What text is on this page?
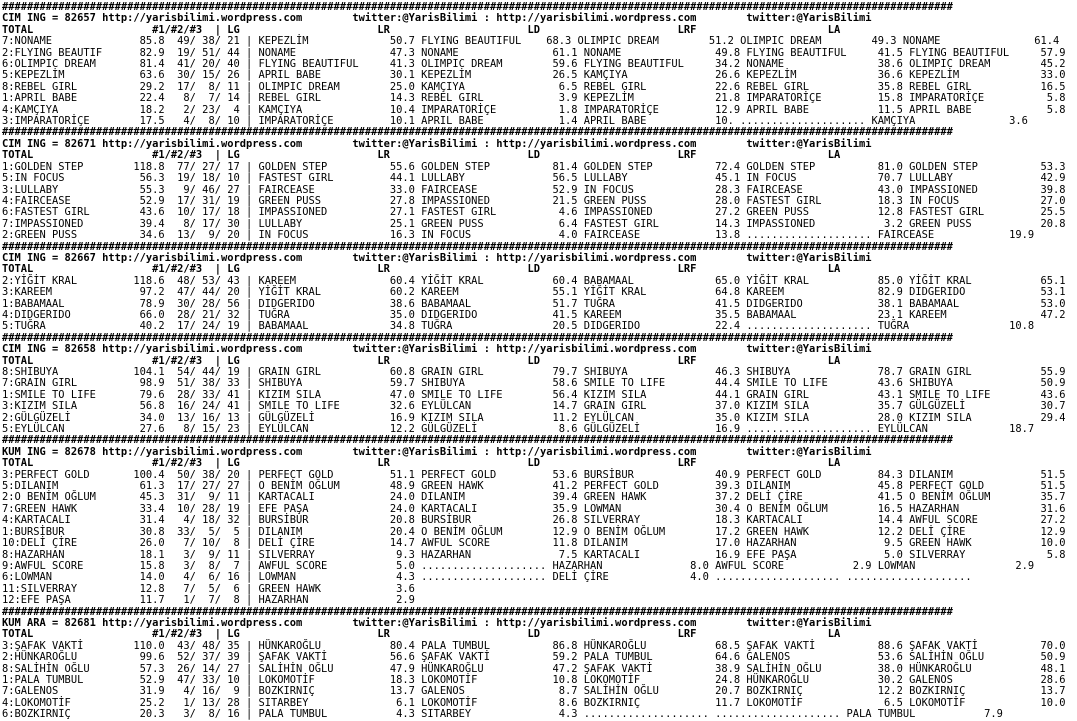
########################################################################################################################################################
CIM ING = 82657 http://yarisbilimi.wordpress.com        twitter:@YarisBilimi : http://yarisbilimi.wordpress.com        twitter:@YarisBilimi
TOTAL                   #1/#2/#3  | LG                      LR                      LD                      LRF                     LA
7:NONAME              85.8  49/ 38/ 21 | KEPEZLİM             50.7 FLYING BEAUTIFUL    68.3 OLIMPIC DREAM        51.2 OLIMPIC DREAM        49.3 NONAME               61.4
2:FLYING BEAUTIF      82.9  19/ 51/ 44 | NONAME               47.3 NONAME               61.1 NONAME               49.8 FLYING BEAUTIFUL     41.5 FLYING BEAUTIFUL     57.9
6:OLIMPIC DREAM       81.4  41/ 20/ 40 | FLYING BEAUTIFUL     41.3 OLIMPIC DREAM        59.6 FLYING BEAUTIFUL     34.2 NONAME               38.6 OLIMPIC DREAM        45.2
5:KEPEZLİM            63.6  30/ 15/ 26 | APRIL BABE           30.1 KEPEZLİM             26.5 KAMÇIYA              26.6 KEPEZLİM             36.6 KEPEZLİM             33.0
8:REBEL GIRL          29.2  17/  8/ 11 | OLIMPIC DREAM        25.0 KAMÇIYA               6.5 REBEL GIRL           22.6 REBEL GIRL           35.8 REBEL GIRL           16.5
1:APRIL BABE          22.4   8/  7/ 14 | REBEL GIRL           14.3 REBEL GIRL            3.9 KEPEZLİM             21.8 IMPARATORİÇE         15.8 IMPARATORİÇE          5.8
4:KAMÇIYA             18.2   2/ 23/  4 | KAMÇIYA              10.4 IMPARATORİÇE          1.8 IMPARATORİÇE         12.9 APRIL BABE           11.5 APRIL BABE            5.8
3:IMPARATORİÇE        17.5   4/  8/ 10 | IMPARATORİÇE         10.1 APRIL BABE            1.4 APRIL BABE           10. .................... KAMÇIYA               3.6
########################################################################################################################################################
CIM ING = 82671 http://yarisbilimi.wordpress.com        twitter:@YarisBilimi : http://yarisbilimi.wordpress.com        twitter:@YarisBilimi
TOTAL                   #1/#2/#3  | LG                      LR                      LD                      LRF                     LA
1:GOLDEN STEP        118.8  77/ 27/ 17 | GOLDEN STEP          55.6 GOLDEN STEP          81.4 GOLDEN STEP          72.4 GOLDEN STEP          81.0 GOLDEN STEP          53.3
5:IN FOCUS            56.3  19/ 18/ 10 | FASTEST GIRL         44.1 LULLABY              56.5 LULLABY              45.1 IN FOCUS             70.7 LULLABY              42.9
3:LULLABY             55.3   9/ 46/ 27 | FAIRCEASE            33.0 FAIRCEASE            52.9 IN FOCUS             28.3 FAIRCEASE            43.0 IMPASSIONED          39.8
4:FAIRCEASE           52.9  17/ 31/ 19 | GREEN PUSS           27.8 IMPASSIONED          21.5 GREEN PUSS           28.0 FASTEST GIRL         18.3 IN FOCUS             27.0
6:FASTEST GIRL        43.6  10/ 17/ 18 | IMPASSIONED          27.1 FASTEST GIRL          4.6 IMPASSIONED          27.2 GREEN PUSS           12.8 FASTEST GIRL         25.5
7:IMPASSIONED         39.4   8/ 17/ 30 | LULLABY              25.1 GREEN PUSS            6.4 FASTEST GIRL         14.3 IMPASSIONED           3.2 GREEN PUSS           20.8
2:GREEN PUSS          34.6  13/  9/ 20 | IN FOCUS             16.3 IN FOCUS              4.0 FAIRCEASE            13.8 .................... FAIRCEASE            19.9
########################################################################################################################################################
CIM ING = 82667 http://yarisbilimi.wordpress.com        twitter:@YarisBilimi : http://yarisbilimi.wordpress.com        twitter:@YarisBilimi
TOTAL                   #1/#2/#3  | LG                      LR                      LD                      LRF                     LA
2:YİĞİT KRAL         118.6  48/ 53/ 43 | KAREEM               60.4 YİĞİT KRAL           60.4 BABAMAAL             65.0 YİĞİT KRAL           85.0 YİĞİT KRAL           65.1
3:KAREEM              97.2  47/ 44/ 20 | YİĞİT KRAL           60.2 KAREEM               55.1 YİĞİT KRAL           64.8 KAREEM               82.9 DIDGERIDO            53.1
1:BABAMAAL            78.9  30/ 28/ 56 | DIDGERIDO            38.6 BABAMAAL             51.7 TUĞRA                41.5 DIDGERIDO            38.1 BABAMAAL             53.0
4:DIDGERIDO           66.0  28/ 21/ 32 | TUĞRA                35.0 DIDGERIDO            41.5 KAREEM               35.5 BABAMAAL             23.1 KAREEM               47.2
5:TUĞRA               40.2  17/ 24/ 19 | BABAMAAL             34.8 TUĞRA                20.5 DIDGERIDO            22.4 .................... TUĞRA                10.8
########################################################################################################################################################
CIM ING = 82658 http://yarisbilimi.wordpress.com        twitter:@YarisBilimi : http://yarisbilimi.wordpress.com        twitter:@YarisBilimi
TOTAL                   #1/#2/#3  | LG                      LR                      LD                      LRF                     LA
8:SHIBUYA            104.1  54/ 44/ 19 | GRAIN GIRL           60.8 GRAIN GIRL           79.7 SHIBUYA              46.3 SHIBUYA              78.7 GRAIN GIRL           55.9
7:GRAIN GIRL          98.9  51/ 38/ 33 | SHIBUYA              59.7 SHIBUYA              58.6 SMILE TO LIFE        44.4 SMILE TO LIFE        43.6 SHIBUYA              50.9
1:SMILE TO LIFE       79.6  28/ 33/ 41 | KIZIM SILA           47.0 SMILE TO LIFE        56.4 KIZIM SILA           44.1 GRAIN GIRL           43.1 SMILE TO LIFE        43.6
3:KIZIM SILA          56.8  16/ 24/ 41 | SMILE TO LIFE        32.6 EYLÜLCAN             14.7 GRAIN GIRL           37.0 KIZIM SILA           35.7 GÜLGÜZELİ            30.7
2:GÜLGÜZELİ           34.0  13/ 16/ 13 | GÜLGÜZELİ            16.9 KIZIM SILA           11.2 EYLÜLCAN             35.0 KIZIM SILA           28.0 KIZIM SILA           29.4
5:EYLÜLCAN            27.6   8/ 15/ 23 | EYLÜLCAN             12.2 GÜLGÜZELİ             8.6 GÜLGÜZELİ            16.9 .................... EYLÜLCAN             18.7
########################################################################################################################################################
KUM ING = 82678 http://yarisbilimi.wordpress.com        twitter:@YarisBilimi : http://yarisbilimi.wordpress.com        twitter:@YarisBilimi
TOTAL                   #1/#2/#3  | LG                      LR                      LD                      LRF                     LA
3:PERFECT GOLD       100.4  50/ 38/ 20 | PERFECT GOLD         51.1 PERFECT GOLD         53.6 BURSİBUR             40.9 PERFECT GOLD         84.3 DILANIM              51.5
5:DILANIM             61.3  17/ 27/ 27 | O BENİM OĞLUM        48.9 GREEN HAWK           41.2 PERFECT GOLD         39.3 DILANIM              45.8 PERFECT GOLD         51.5
2:O BENİM OĞLUM       45.3  31/  9/ 11 | KARTACALI            24.0 DILANIM              39.4 GREEN HAWK           37.2 DELİ ÇİRE            41.5 O BENİM OĞLUM        35.7
7:GREEN HAWK          33.4  10/ 28/ 19 | EFE PAŞA             24.0 KARTACALI            35.9 LOWMAN               30.4 O BENİM OĞLUM        16.5 HAZARHAN             31.6
4:KARTACALI           31.4   4/ 18/ 32 | BURSİBUR             20.8 BURSİBUR             26.8 SILVERRAY            18.3 KARTACALI            14.4 AWFUL SCORE          27.2
1:BURSİBUR            30.8  33/  5/  5 | DILANIM              20.4 O BENİM OĞLUM        12.9 O BENİM OĞLUM        17.2 GREEN HAWK           12.2 DELİ ÇİRE            12.9
10:DELİ ÇİRE          26.0   7/ 10/  8 | DELİ ÇİRE            14.7 AWFUL SCORE          11.8 DILANIM              17.0 HAZARHAN              9.5 GREEN HAWK           10.0
8:HAZARHAN            18.1   3/  9/ 11 | SILVERRAY             9.3 HAZARHAN              7.5 KARTACALI            16.9 EFE PAŞA              5.0 SILVERRAY             5.8
9:AWFUL SCORE         15.8   3/  8/  7 | AWFUL SCORE           5.0 .................... HAZARHAN              8.0 AWFUL SCORE           2.9 LOWMAN                2.9
6:LOWMAN              14.0   4/  6/ 16 | LOWMAN                4.3 .................... DELİ ÇİRE             4.0 .................... ....................
11:SILVERRAY          12.8   7/  5/  6 | GREEN HAWK            3.6
12:EFE PAŞA           11.7   1/  7/  8 | HAZARHAN              2.9
########################################################################################################################################################
KUM ARA = 82681 http://yarisbilimi.wordpress.com        twitter:@YarisBilimi : http://yarisbilimi.wordpress.com        twitter:@YarisBilimi
TOTAL                   #1/#2/#3  | LG                      LR                      LD                      LRF                     LA
3:ŞAFAK VAKTİ        110.0  43/ 48/ 35 | HÜNKAROĞLU           80.4 PALA TUMBUL          86.8 HÜNKAROĞLU           68.5 ŞAFAK VAKTİ          88.6 ŞAFAK VAKTİ          70.0
2:HÜNKAROĞLU          99.6  52/ 37/ 39 | ŞAFAK VAKTİ          56.6 ŞAFAK VAKTİ          59.2 PALA TUMBUL          64.6 GALENOS              53.6 SALİHİN OĞLU         50.9
8:SALİHİN OĞLU        57.3  26/ 14/ 27 | SALİHİN OĞLU         47.9 HÜNKAROĞLU           47.2 ŞAFAK VAKTİ          38.9 SALİHİN OĞLU         38.0 HÜNKAROĞLU           48.1
1:PALA TUMBUL         52.9  47/ 33/ 10 | LOKOMOTİF            18.3 LOKOMOTİF            10.8 LOKOMOTİF            24.8 HÜNKAROĞLU           30.2 GALENOS              28.6
7:GALENOS             31.9   4/ 16/  9 | BOZKIRNIÇ            13.7 GALENOS               8.7 SALİHİN OĞLU         20.7 BOZKIRNIÇ            12.2 BOZKIRNIÇ            13.7
4:LOKOMOTİF           25.2   1/ 13/ 28 | SITARBEY              6.1 LOKOMOTİF             8.6 BOZKIRNIÇ            11.7 LOKOMOTİF             6.5 LOKOMOTİF            10.0
6:BOZKIRNIÇ           20.3   3/  8/ 16 | PALA TUMBUL           4.3 SITARBEY              4.3 .................... .................... PALA TUMBUL           7.9
